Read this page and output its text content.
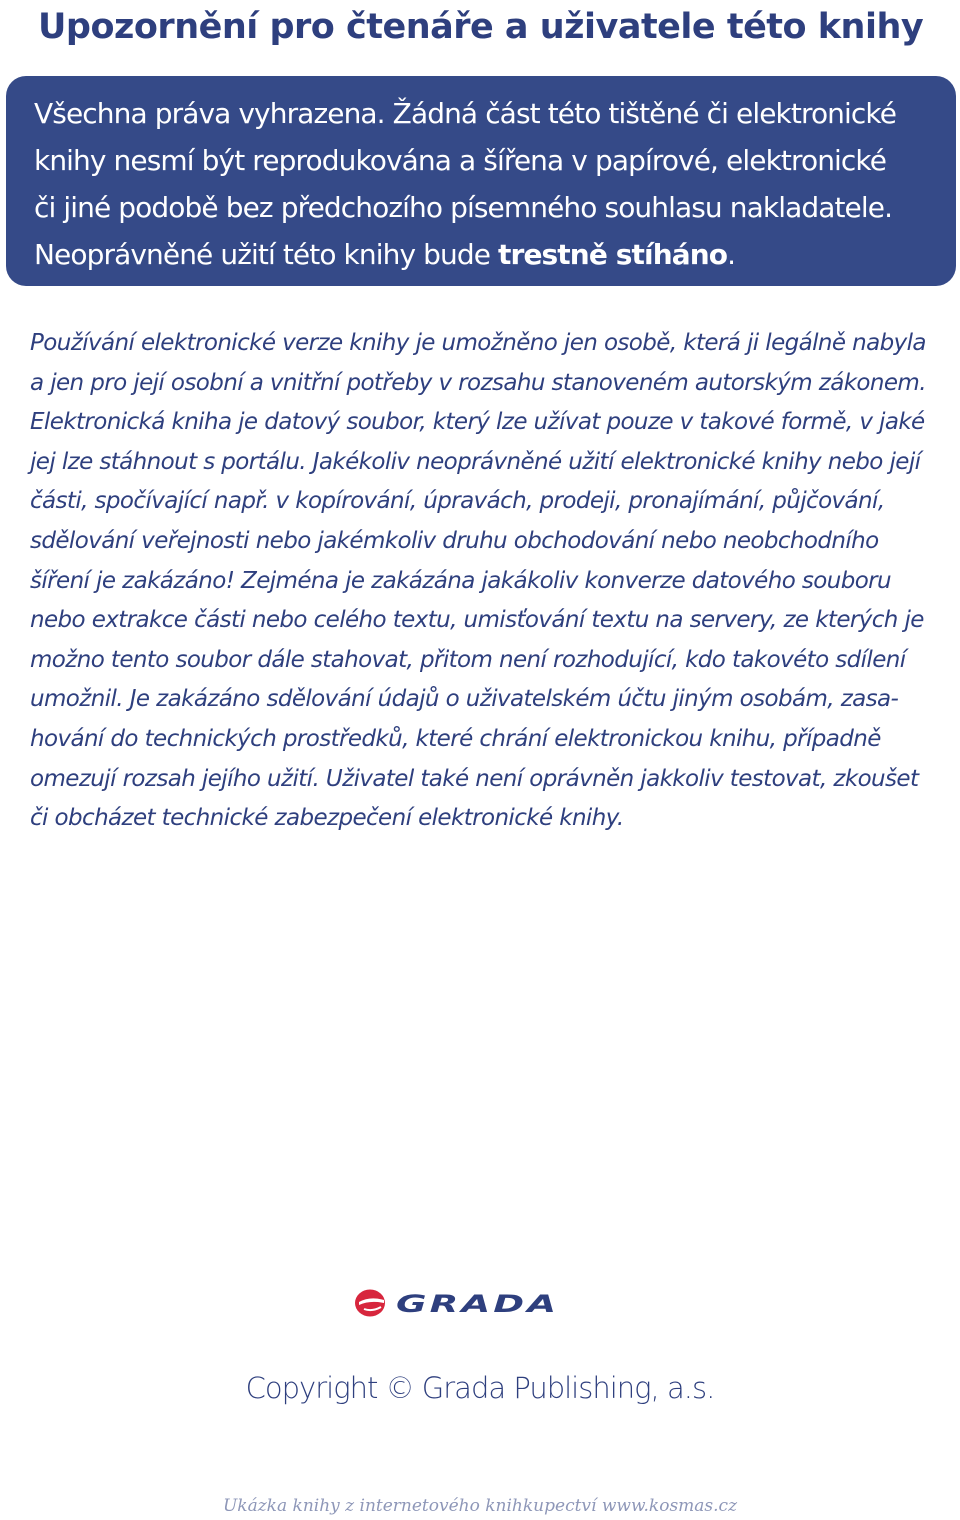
Upozornění pro čtenáře a uživatele této knihy
Všechna práva vyhrazena. Žádná část této tištěné či elektronické
knihy nesmí být reprodukována a šířena v papírové, elektronické
či jiné podobě bez předchozího písemného souhlasu nakladatele.
Neoprávněné užití této knihy bude trestně stíháno.
Používání elektronické verze knihy je umožněno jen osobě, která ji legálně nabyla
a jen pro její osobní a vnitřní potřeby v rozsahu stanoveném autorským zákonem.
Elektronická kniha je datový soubor, který lze užívat pouze v takové formě, v jaké
jej lze stáhnout s portálu. Jakékoliv neoprávněné užití elektronické knihy nebo její
části, spočívající např. v kopírování, úpravách, prodeji, pronajímání, půjčování,
sdělování veřejnosti nebo jakémkoliv druhu obchodování nebo neobchodního
šíření je zakázáno! Zejména je zakázána jakákoliv konverze datového souboru
nebo extrakce části nebo celého textu, umisťování textu na servery, ze kterých je
možno tento soubor dále stahovat, přitom není rozhodující, kdo takovéto sdílení
umožnil. Je zakázáno sdělování údajů o uživatelském účtu jiným osobám, zasa-
hování do technických prostředků, které chrání elektronickou knihu, případně
omezují rozsah jejího užití. Uživatel také není oprávněn jakkoliv testovat, zkoušet
či obcházet technické zabezpečení elektronické knihy.
GRADA
Copyright © Grada Publishing, a.s.
Ukázka knihy z internetového knihkupectví www.kosmas.cz
